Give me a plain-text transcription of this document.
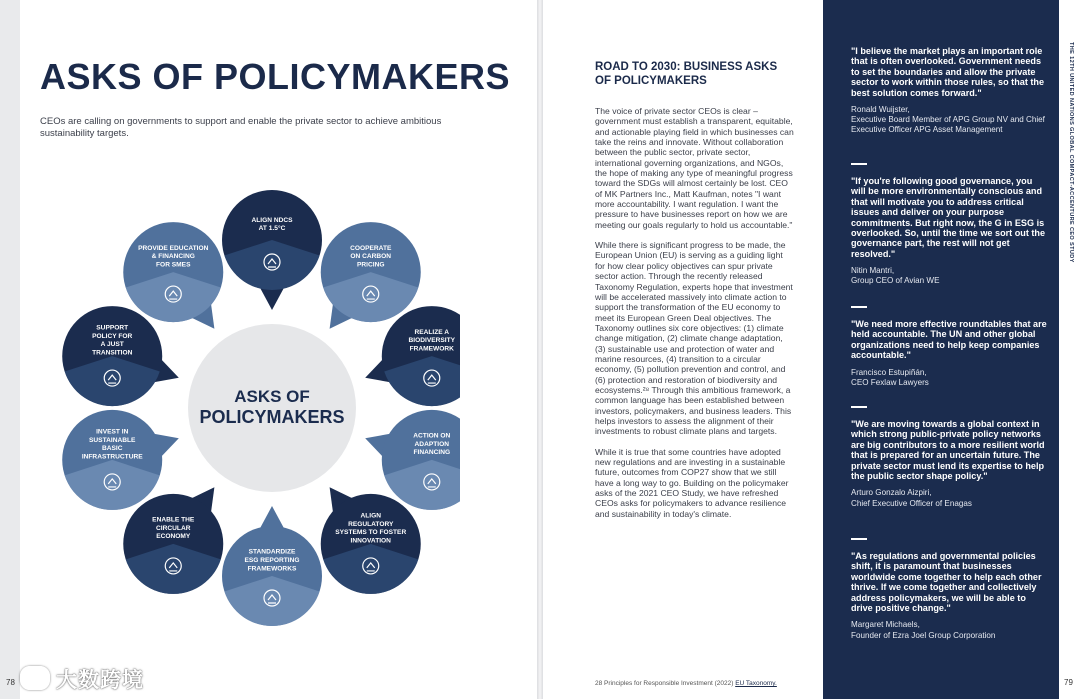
ASKS OF POLICYMAKERS

CEOs are calling on governments to support and enable the private sector to achieve ambitious sustainability targets.

ASKS OF
POLICYMAKERS
ALIGN NDCS
AT 1.5°C
COOPERATE
ON CARBON
PRICING
REALIZE A
BIODIVERSITY
FRAMEWORK
ACTION ON
ADAPTION
FINANCING
ALIGN
REGULATORY
SYSTEMS TO FOSTER
INNOVATION
STANDARDIZE
ESG REPORTING
FRAMEWORKS
ENABLE THE
CIRCULAR
ECONOMY
INVEST IN
SUSTAINABLE
BASIC
INFRASTRUCTURE
SUPPORT
POLICY FOR
A JUST
TRANSITION
PROVIDE EDUCATION
& FINANCING
FOR SMES
78
ROAD TO 2030: BUSINESS ASKS OF POLICYMAKERS

The voice of private sector CEOs is clear – government must establish a transparent, equitable, and actionable playing field in which businesses can take the reins and innovate. Without collaboration between the public sector, private sector, international governing organizations, and NGOs, the hope of making any type of meaningful progress toward the SDGs will almost certainly be lost. CEO of MK Partners Inc., Matt Kaufman, notes "I want more accountability. I want regulation. I want the pressure to have businesses report on how we are meeting our goals regularly to hold us accountable."

While there is significant progress to be made, the European Union (EU) is serving as a guiding light for how clear policy objectives can spur private sector action. Through the recently released Taxonomy Regulation, experts hope that investment will be accelerated massively into climate action to support the transformation of the EU economy to meet its European Green Deal objectives. The Taxonomy outlines six core objectives: (1) climate change mitigation, (2) climate change adaptation, (3) sustainable use and protection of water and marine resources, (4) transition to a circular economy, (5) pollution prevention and control, and (6) protection and restoration of biodiversity and ecosystems.²⁸ Through this ambitious framework, a common language has been established between investors, policymakers, and business leaders. This helps investors to assess the alignment of their investments to robust climate plans and targets.

While it is true that some countries have adopted new regulations and are investing in a sustainable future, outcomes from COP27 show that we still have a long way to go. Building on the policymaker asks of the 2021 CEO Study, we have refreshed CEOs asks for policymakers to advance resilience and sustainability in today's climate.

28 Principles for Responsible Investment (2022) EU Taxonomy.

"I believe the market plays an important role that is often overlooked. Government needs to set the boundaries and allow the private sector to work within those rules, so that the best solution comes forward."

Ronald Wuijster,

Executive Board Member of APG Group NV and Chief Executive Officer APG Asset Management

"If you're following good governance, you will be more environmentally conscious and that will motivate you to address critical issues and deliver on your purpose commitments. But right now, the G in ESG is overlooked. So, until the time we sort out the governance part, the rest will not get resolved."

Nitin Mantri,

Group CEO of Avian WE

"We need more effective roundtables that are held accountable. The UN and other global organizations need to help keep companies accountable."

Francisco Estupiñán,

CEO Fexlaw Lawyers

"We are moving towards a global context in which strong public-private policy networks are big contributors to a more resilient world that is prepared for an uncertain future. The private sector must lend its expertise to help the public sector shape policy."

Arturo Gonzalo Aizpiri,

Chief Executive Officer of Enagas

"As regulations and governmental policies shift, it is paramount that businesses worldwide come together to help each other thrive. If we come together and collectively address policymakers, we will be able to drive positive change."

Margaret Michaels,

Founder of Ezra Joel Group Corporation

THE 12TH UNITED NATIONS GLOBAL COMPACT-ACCENTURE CEO STUDY
79
大数跨境
